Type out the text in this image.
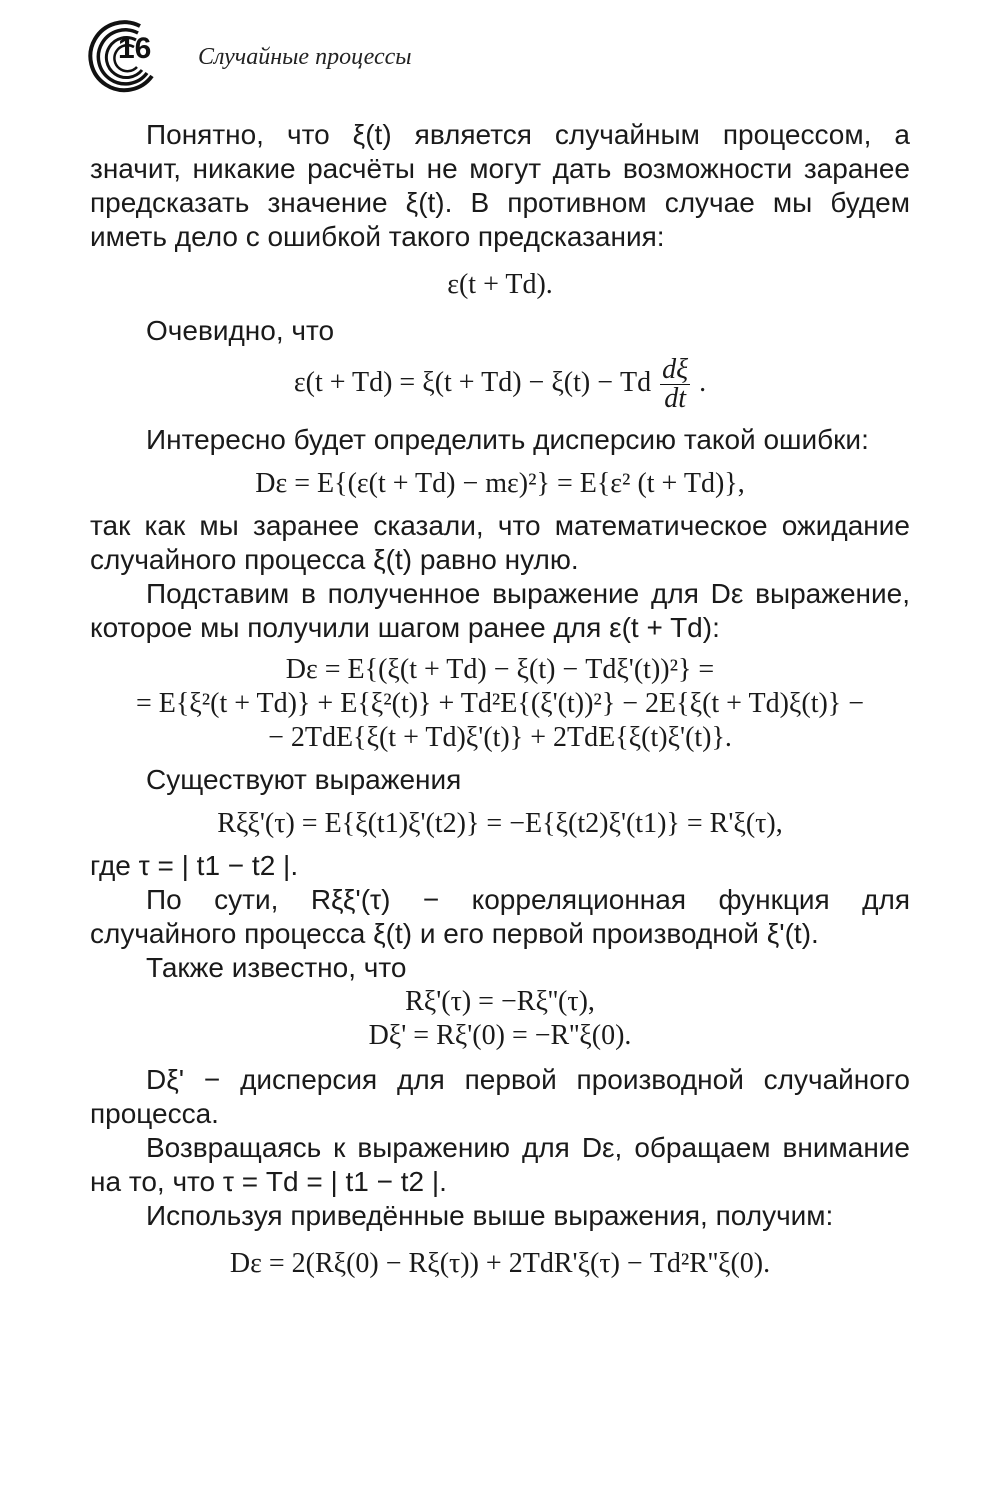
16 Случайные процессы

Понятно, что ξ(t) является случайным процессом, а значит, никакие расчёты не могут дать возможности заранее предсказать значение ξ(t). В противном случае мы будем иметь дело с ошибкой такого предсказания:

ε(t + Td).

Очевидно, что

ε(t + Td) = ξ(t + Td) − ξ(t) − Td $\frac{d\xi}{dt}$ .

Интересно будет определить дисперсию такой ошибки:

Dε = E{(ε(t + Td) − mε)²} = E{ε² (t + Td)},

так как мы заранее сказали, что математическое ожидание случайного процесса ξ(t) равно нулю.

Подставим в полученное выражение для Dε выражение, которое мы получили шагом ранее для ε(t + Td):

Dε = E{(ξ(t + Td) − ξ(t) − Tdξ'(t))²} =
= E{ξ²(t + Td)} + E{ξ²(t)} + Td²E{(ξ'(t))²} − 2E{ξ(t + Td)ξ(t)} −
− 2TdE{ξ(t + Td)ξ'(t)} + 2TdE{ξ(t)ξ'(t)}.

Существуют выражения

Rξξ'(τ) = E{ξ(t1)ξ'(t2)} = −E{ξ(t2)ξ'(t1)} = R'ξ(τ),

где τ = | t1 − t2 |.

По сути, Rξξ'(τ) − корреляционная функция для случайного процесса ξ(t) и его первой производной ξ'(t).

Также известно, что

Rξ'(τ) = −Rξ''(τ),
Dξ' = Rξ'(0) = −R''ξ(0).

Dξ' − дисперсия для первой производной случайного процесса.

Возвращаясь к выражению для Dε, обращаем внимание на то, что τ = Td = | t1 − t2 |.

Используя приведённые выше выражения, получим:

Dε = 2(Rξ(0) − Rξ(τ)) + 2TdR'ξ(τ) − Td²R''ξ(0).
